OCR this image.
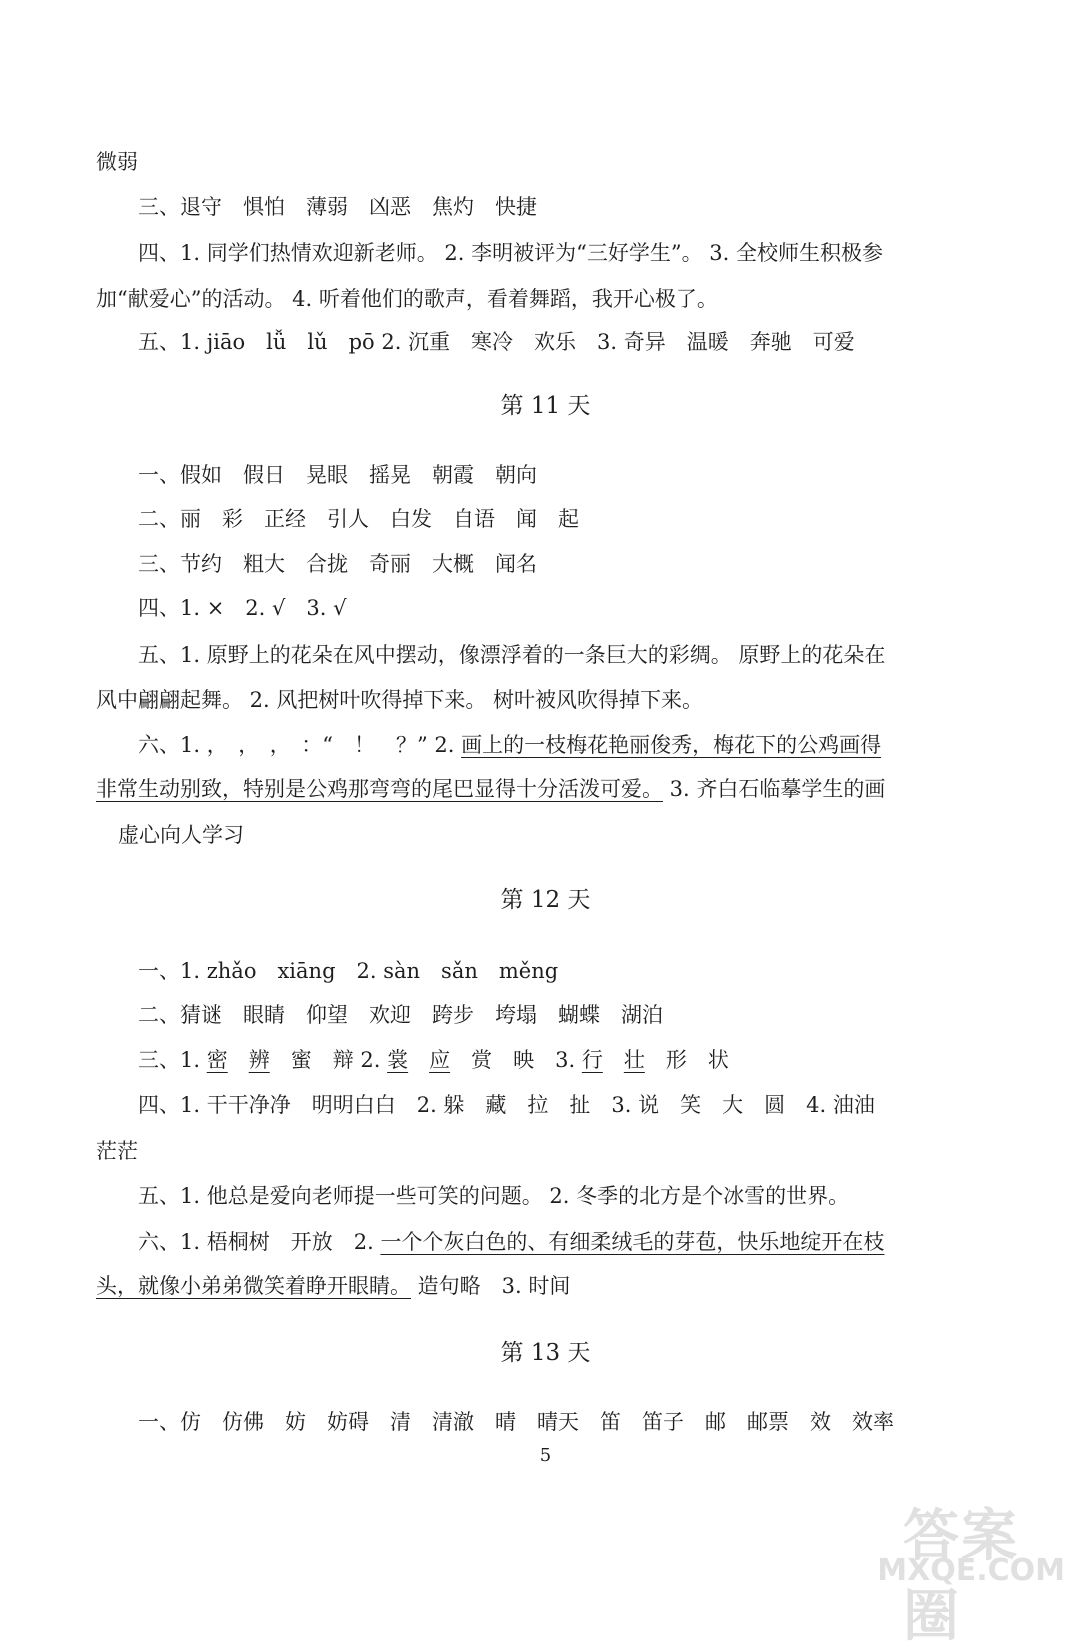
微弱
三、退守　惧怕　薄弱　凶恶　焦灼　快捷
四、1. 同学们热情欢迎新老师。 2. 李明被评为“三好学生”。 3. 全校师生积极参
加“献爱心”的活动。 4. 听着他们的歌声，看着舞蹈，我开心极了。
五、1. jiāo　lǚ　lǔ　pō 2. 沉重　寒冷　欢乐　3. 奇异　温暖　奔驰　可爱
第 11 天
一、假如　假日　晃眼　摇晃　朝霞　朝向
二、丽　彩　正经　引人　白发　自语　闻　起
三、节约　粗大　合拢　奇丽　大概　闻名
四、1. ×　2. √　3. √
五、1. 原野上的花朵在风中摆动，像漂浮着的一条巨大的彩绸。 原野上的花朵在
风中翩翩起舞。 2. 风把树叶吹得掉下来。 树叶被风吹得掉下来。
六、1. ，　，　，　：“　！　？” 2. 画上的一枝梅花艳丽俊秀，梅花下的公鸡画得
非常生动别致，特别是公鸡那弯弯的尾巴显得十分活泼可爱。 3. 齐白石临摹学生的画
虚心向人学习
第 12 天
一、1. zhǎo　xiāng　2. sàn　sǎn　měng
二、猜谜　眼睛　仰望　欢迎　跨步　垮塌　蝴蝶　湖泊
三、1. 密　 辨　蜜　辩 2. 裳　 应　赏　映　3. 行　 壮　形　状
四、1. 干干净净　明明白白　2. 躲　藏　拉　扯　3. 说　笑　大　圆　4. 油油
茫茫
五、1. 他总是爱向老师提一些可笑的问题。 2. 冬季的北方是个冰雪的世界。
六、1. 梧桐树　开放　2. 一个个灰白色的、有细柔绒毛的芽苞，快乐地绽开在枝
头，就像小弟弟微笑着睁开眼睛。 造句略　3. 时间
第 13 天
一、仿　仿佛　妨　妨碍　清　清澈　晴　晴天　笛　笛子　邮　邮票　效　效率
5
答案圈
MXQE.COM
